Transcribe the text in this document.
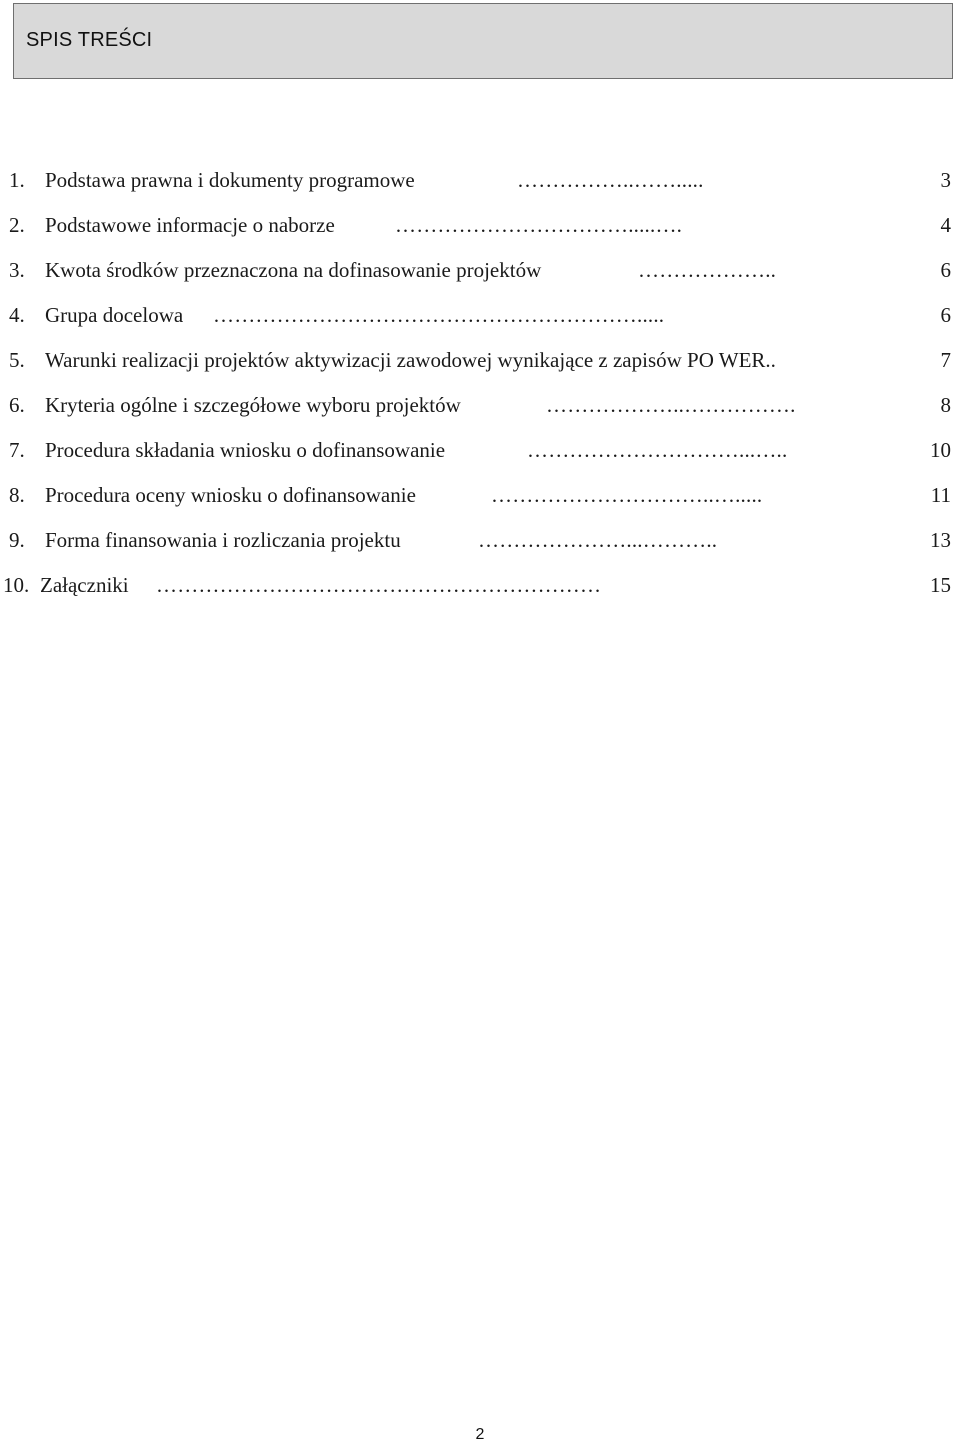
SPIS TREŚCI
1. Podstawa prawna i dokumenty programowe	……………..…….....	3
2. Podstawowe informacje o naborze	…………………………….....….	4
3. Kwota środków przeznaczona na dofinasowanie projektów	………………..	6
4. Grupa docelowa …………………………………………………….....	6
5. Warunki realizacji projektów aktywizacji zawodowej wynikające z zapisów PO WER..	7
6. Kryteria ogólne i szczegółowe wyboru projektów	………………..…………….	8
7. Procedura składania wniosku o dofinansowanie	…………………………...…..	10
8. Procedura oceny wniosku o dofinansowanie	…………………………..….....	11
9. Forma finansowania i rozliczania projektu	…………………...………..	13
10. Załączniki ………………………………………………………	15
2
